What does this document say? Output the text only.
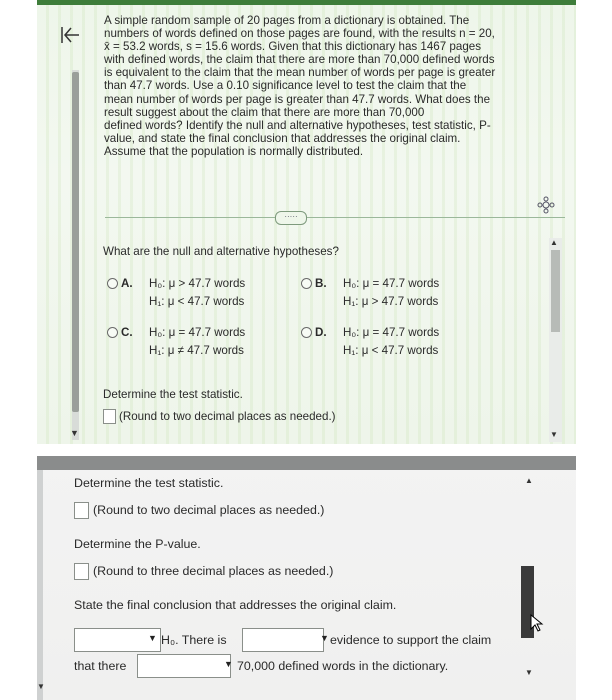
▼
A simple random sample of 20 pages from a dictionary is obtained. The
numbers of words defined on those pages are found, with the results n = 20,
x̄ = 53.2 words, s = 15.6 words. Given that this dictionary has 1467 pages
with defined words, the claim that there are more than 70,000 defined words
is equivalent to the claim that the mean number of words per page is greater
than 47.7 words. Use a 0.10 significance level to test the claim that the
mean number of words per page is greater than 47.7 words. What does the
result suggest about the claim that there are more than 70,000
defined words? Identify the null and alternative hypotheses, test statistic, P-
value, and state the final conclusion that addresses the original claim.
Assume that the population is normally distributed.
·····
▲
▼
What are the null and alternative hypotheses?
A. H₀: μ > 47.7 words
H₁: μ < 47.7 words
B. H₀: μ = 47.7 words
H₁: μ > 47.7 words
C. H₀: μ = 47.7 words
H₁: μ ≠ 47.7 words
D. H₀: μ = 47.7 words
H₁: μ < 47.7 words
Determine the test statistic.
(Round to two decimal places as needed.)
▼
Determine the test statistic.
(Round to two decimal places as needed.)
Determine the P-value.
(Round to three decimal places as needed.)
State the final conclusion that addresses the original claim.
▼ H₀. There is	▼ evidence to support the claim
that there	▼ 70,000 defined words in the dictionary.
▲
▼
